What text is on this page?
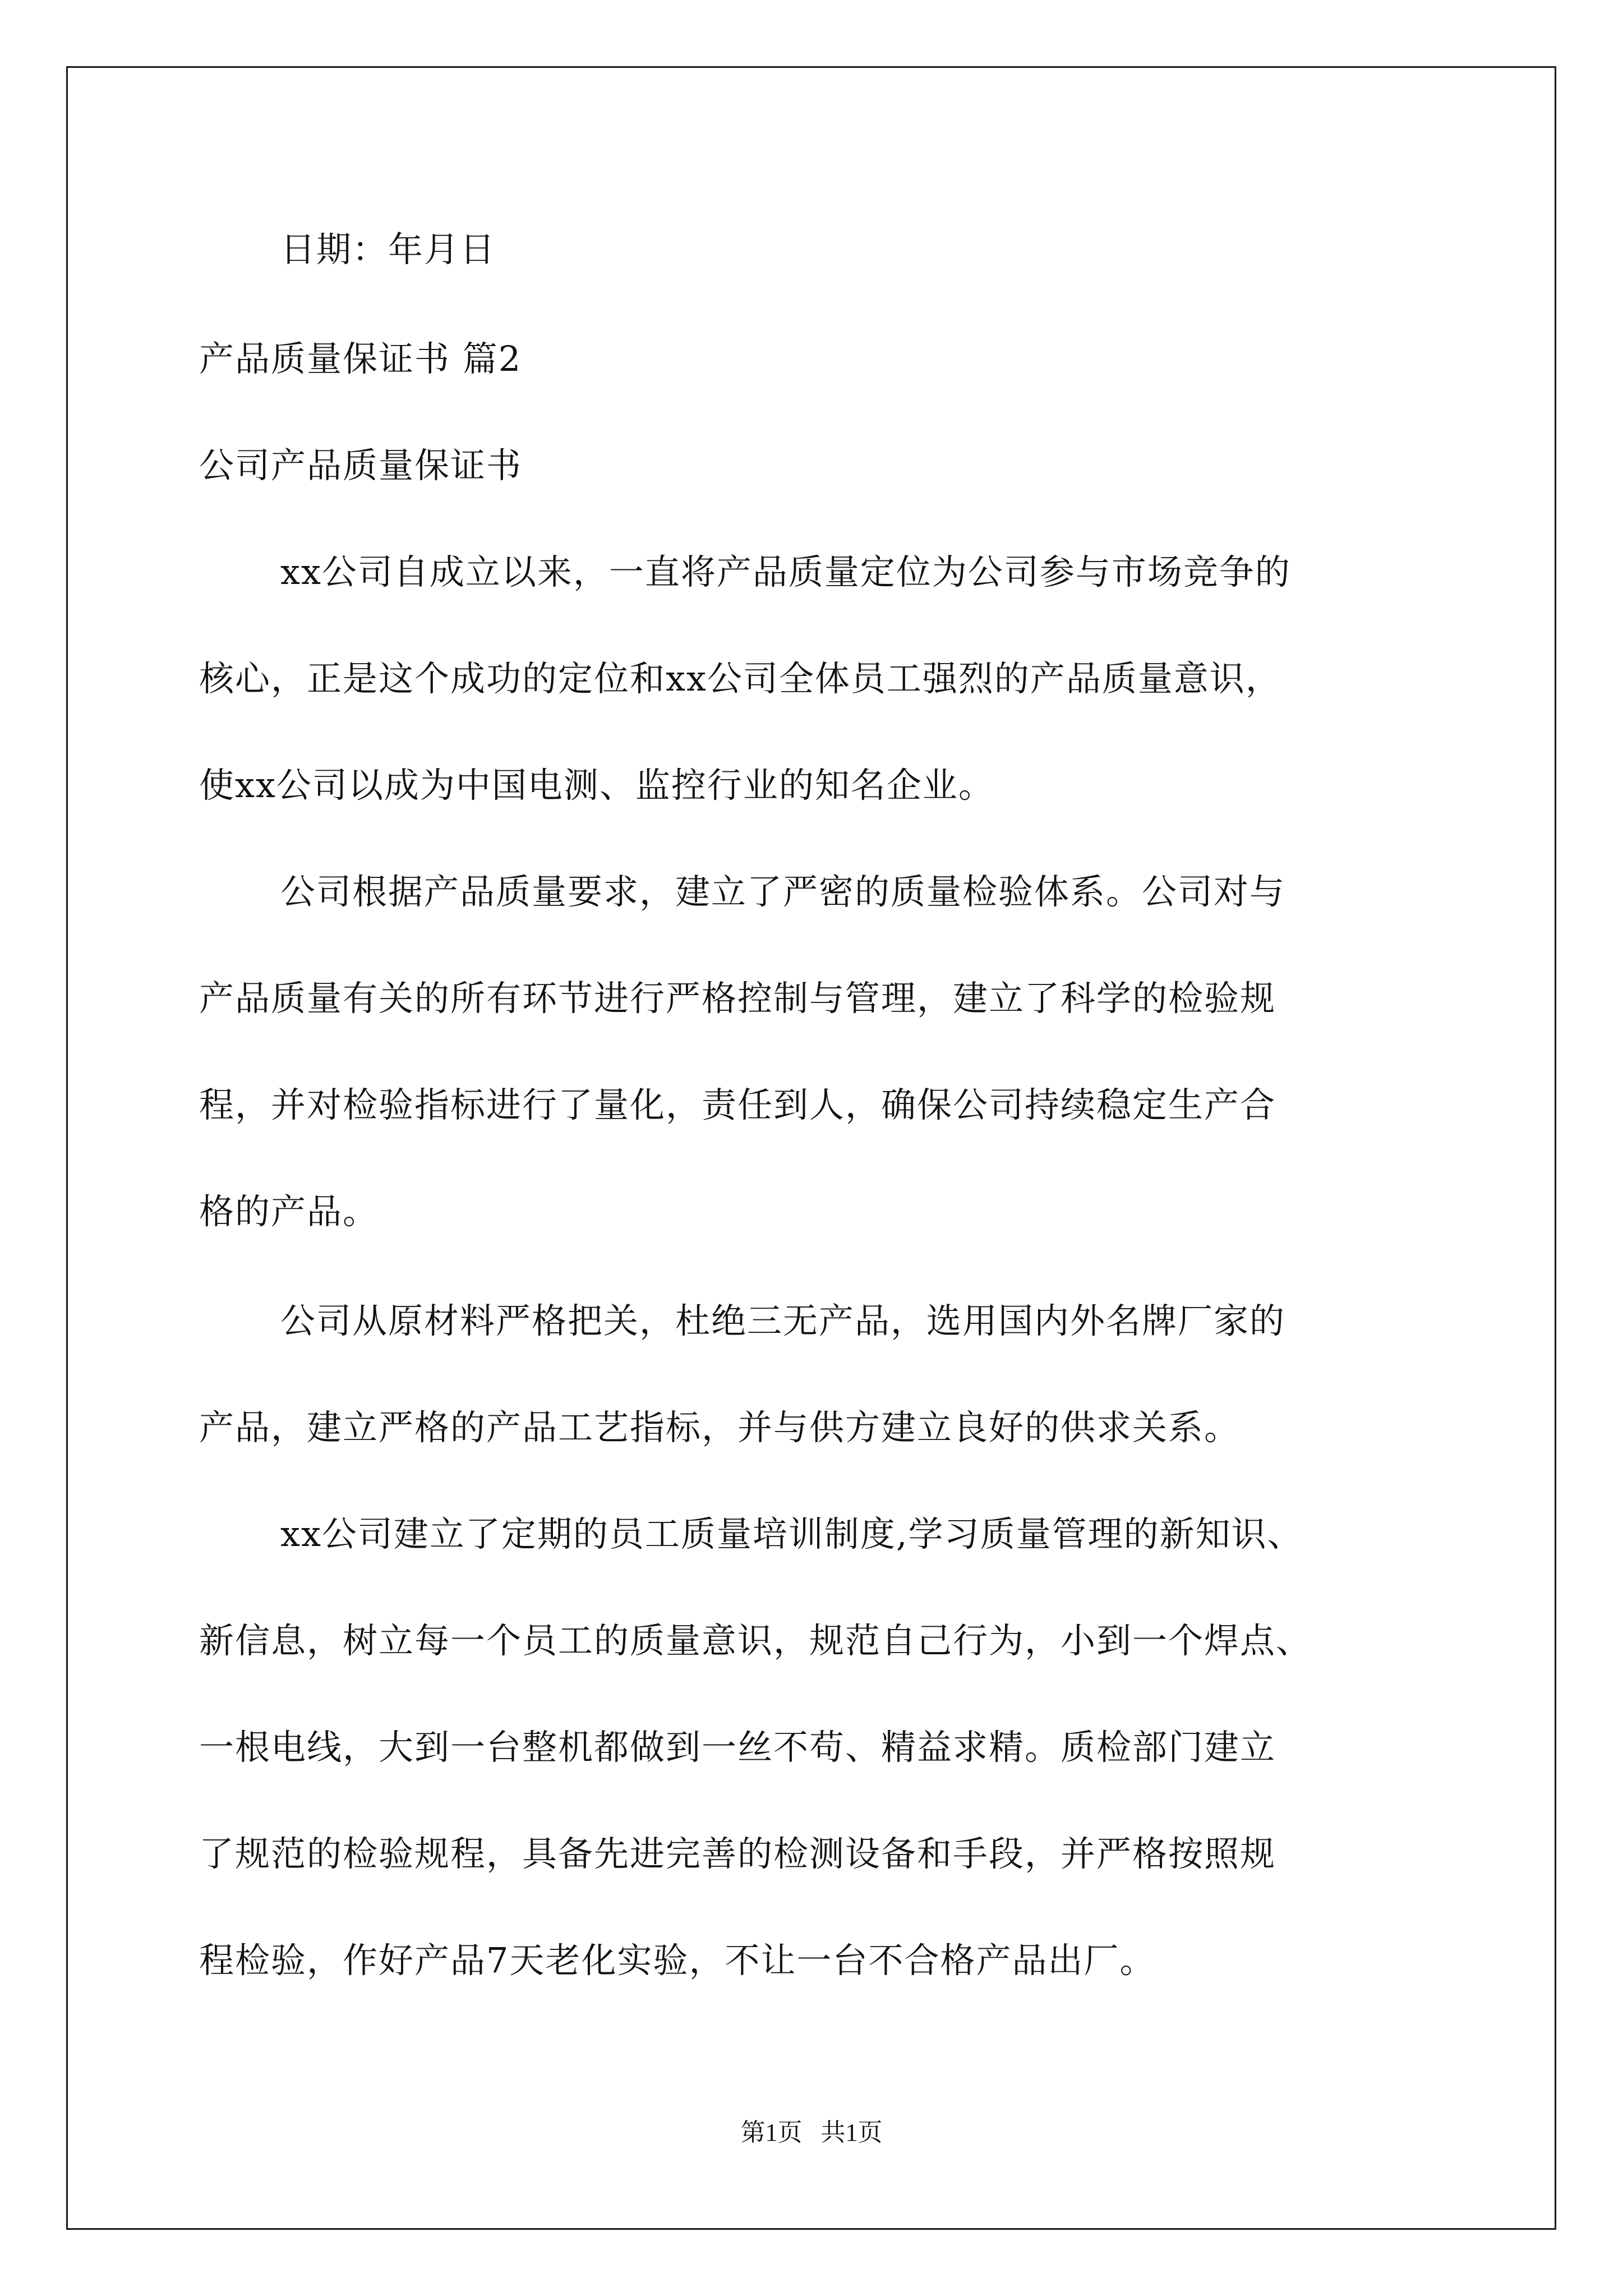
日期：年月日
产品质量保证书 篇2
公司产品质量保证书
xx公司自成立以来，一直将产品质量定位为公司参与市场竞争的
核心，正是这个成功的定位和xx公司全体员工强烈的产品质量意识，
使xx公司以成为中国电测、监控行业的知名企业。
公司根据产品质量要求，建立了严密的质量检验体系。公司对与
产品质量有关的所有环节进行严格控制与管理，建立了科学的检验规
程，并对检验指标进行了量化，责任到人，确保公司持续稳定生产合
格的产品。
公司从原材料严格把关，杜绝三无产品，选用国内外名牌厂家的
产品，建立严格的产品工艺指标，并与供方建立良好的供求关系。
xx公司建立了定期的员工质量培训制度,学习质量管理的新知识、
新信息，树立每一个员工的质量意识，规范自己行为，小到一个焊点、
一根电线，大到一台整机都做到一丝不苟、精益求精。质检部门建立
了规范的检验规程，具备先进完善的检测设备和手段，并严格按照规
程检验，作好产品7天老化实验，不让一台不合格产品出厂。
第1页   共1页
